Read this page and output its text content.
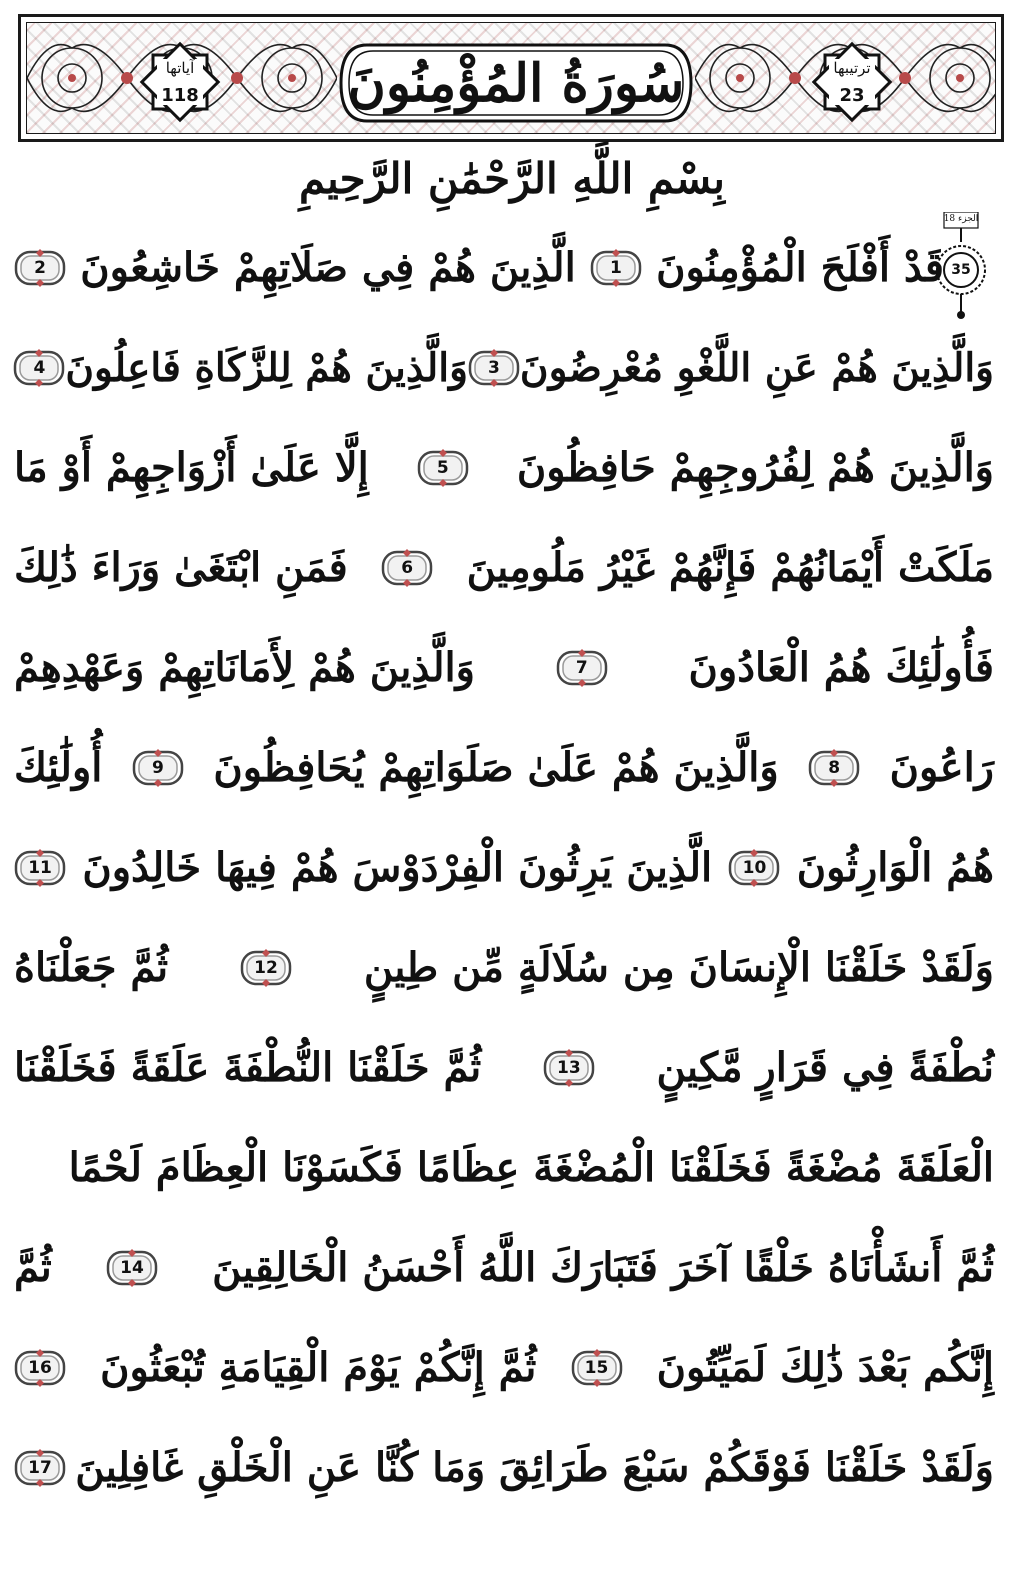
آياتها
118	سُورَةُ المُؤْمِنُونَ	ترتيبها
23
بِسْمِ اللَّهِ الرَّحْمَٰنِ الرَّحِيمِ
الجزء 18
35
قَدْ أَفْلَحَ الْمُؤْمِنُونَ
1
الَّذِينَ هُمْ فِي صَلَاتِهِمْ خَاشِعُونَ
2
وَالَّذِينَ هُمْ عَنِ اللَّغْوِ مُعْرِضُونَ
3
وَالَّذِينَ هُمْ لِلزَّكَاةِ فَاعِلُونَ
4
وَالَّذِينَ هُمْ لِفُرُوجِهِمْ حَافِظُونَ
5
إِلَّا عَلَىٰ أَزْوَاجِهِمْ أَوْ مَا
مَلَكَتْ أَيْمَانُهُمْ فَإِنَّهُمْ غَيْرُ مَلُومِينَ
6
فَمَنِ ابْتَغَىٰ وَرَاءَ ذَٰلِكَ
فَأُولَٰئِكَ هُمُ الْعَادُونَ
7
وَالَّذِينَ هُمْ لِأَمَانَاتِهِمْ وَعَهْدِهِمْ
رَاعُونَ
8
وَالَّذِينَ هُمْ عَلَىٰ صَلَوَاتِهِمْ يُحَافِظُونَ
9
أُولَٰئِكَ
هُمُ الْوَارِثُونَ
10
الَّذِينَ يَرِثُونَ الْفِرْدَوْسَ هُمْ فِيهَا خَالِدُونَ
11
وَلَقَدْ خَلَقْنَا الْإِنسَانَ مِن سُلَالَةٍ مِّن طِينٍ
12
ثُمَّ جَعَلْنَاهُ
نُطْفَةً فِي قَرَارٍ مَّكِينٍ
13
ثُمَّ خَلَقْنَا النُّطْفَةَ عَلَقَةً فَخَلَقْنَا
الْعَلَقَةَ مُضْغَةً فَخَلَقْنَا الْمُضْغَةَ عِظَامًا فَكَسَوْنَا الْعِظَامَ لَحْمًا
ثُمَّ أَنشَأْنَاهُ خَلْقًا آخَرَ فَتَبَارَكَ اللَّهُ أَحْسَنُ الْخَالِقِينَ
14
ثُمَّ
إِنَّكُم بَعْدَ ذَٰلِكَ لَمَيِّتُونَ
15
ثُمَّ إِنَّكُمْ يَوْمَ الْقِيَامَةِ تُبْعَثُونَ
16
وَلَقَدْ خَلَقْنَا فَوْقَكُمْ سَبْعَ طَرَائِقَ وَمَا كُنَّا عَنِ الْخَلْقِ غَافِلِينَ
17
